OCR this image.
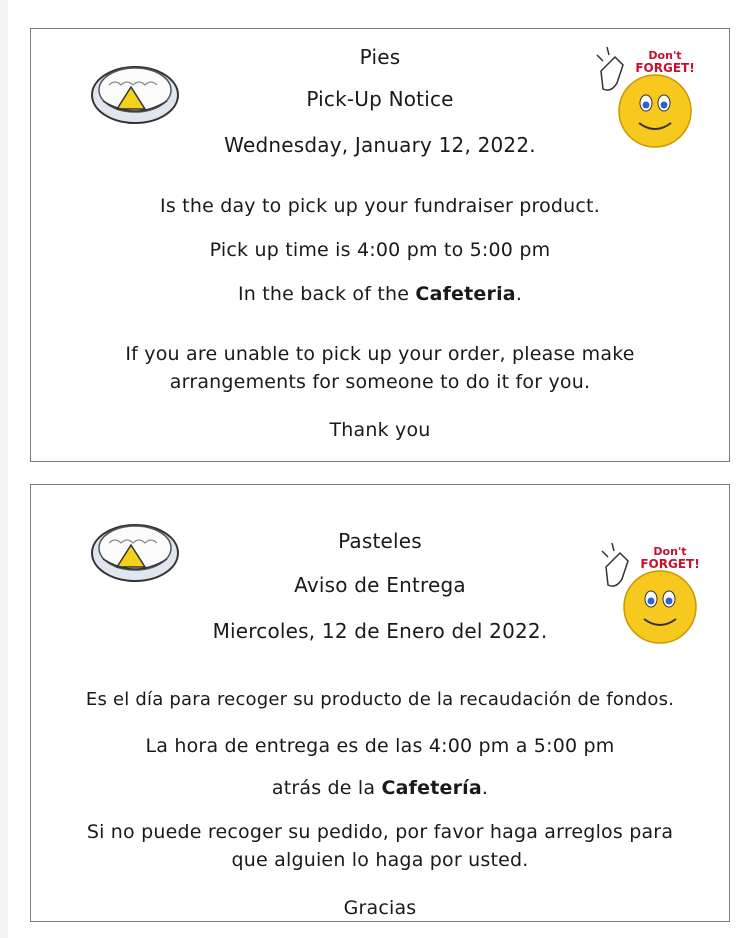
Don't
FORGET!
Pies
Pick-Up Notice
Wednesday, January 12, 2022.
Is the day to pick up your fundraiser product.
Pick up time is 4:00 pm to 5:00 pm
In the back of the Cafeteria.
If you are unable to pick up your order, please make
arrangements for someone to do it for you.
Thank you
Don't
FORGET!
Pasteles
Aviso de Entrega
Miercoles, 12 de Enero del 2022.
Es el día para recoger su producto de la recaudación de fondos.
La hora de entrega es de las 4:00 pm a 5:00 pm
atrás de la Cafetería.
Si no puede recoger su pedido, por favor haga arreglos para
que alguien lo haga por usted.
Gracias
